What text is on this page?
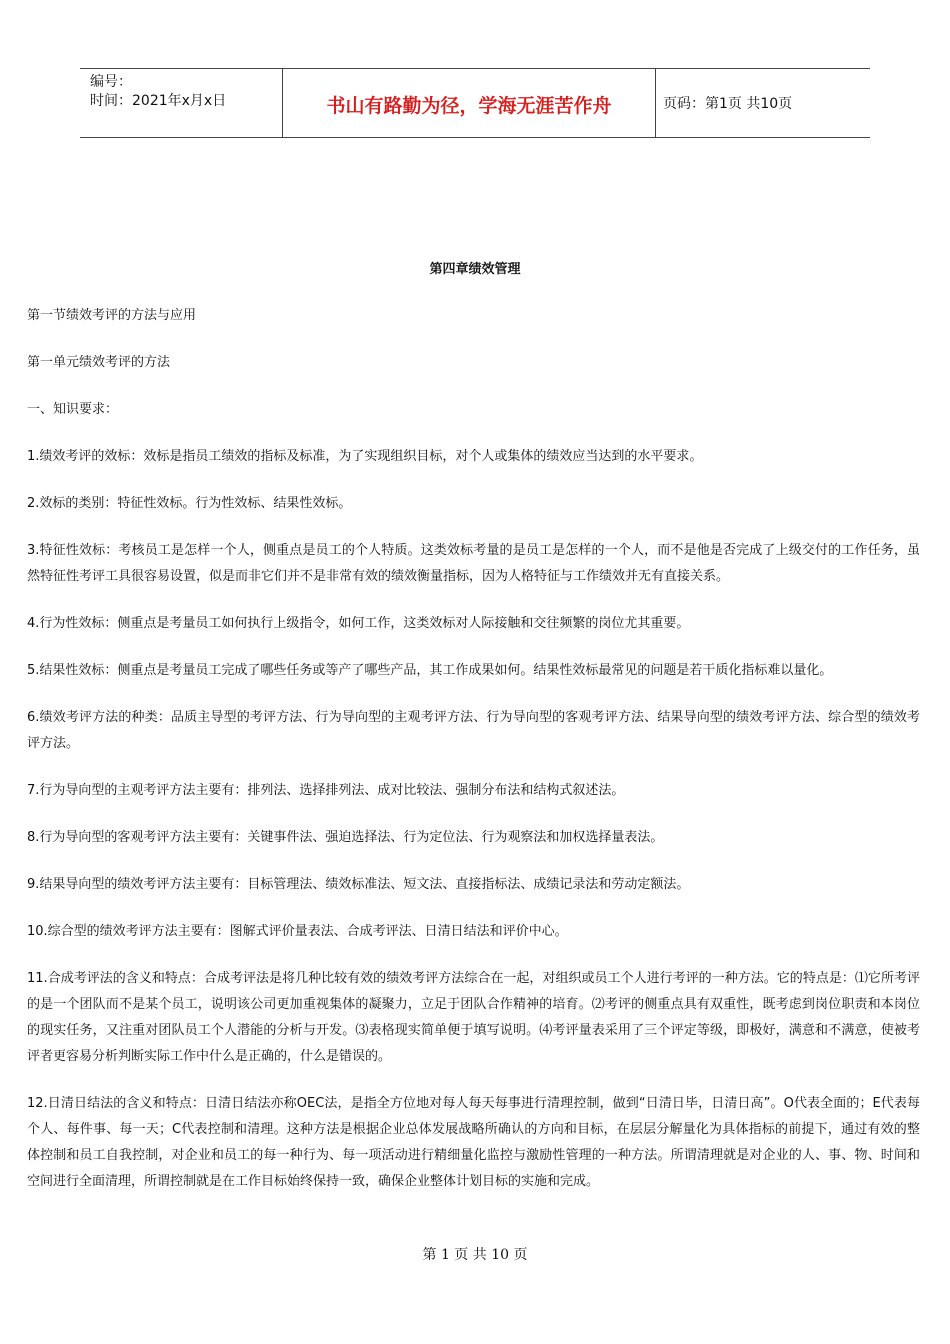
编号：
时间：2021年x月x日	书山有路勤为径，学海无涯苦作舟	页码：第1页 共10页
第四章绩效管理

第一节绩效考评的方法与应用

第一单元绩效考评的方法

一、知识要求：

1.绩效考评的效标：效标是指员工绩效的指标及标准，为了实现组织目标，对个人或集体的绩效应当达到的水平要求。

2.效标的类别：特征性效标。行为性效标、结果性效标。

3.特征性效标：考核员工是怎样一个人，侧重点是员工的个人特质。这类效标考量的是员工是怎样的一个人，而不是他是否完成了上级交付的工作任务，虽然特征性考评工具很容易设置，似是而非它们并不是非常有效的绩效衡量指标，因为人格特征与工作绩效并无有直接关系。

4.行为性效标：侧重点是考量员工如何执行上级指令，如何工作，这类效标对人际接触和交往频繁的岗位尤其重要。

5.结果性效标：侧重点是考量员工完成了哪些任务或等产了哪些产品，其工作成果如何。结果性效标最常见的问题是若干质化指标难以量化。

6.绩效考评方法的种类：品质主导型的考评方法、行为导向型的主观考评方法、行为导向型的客观考评方法、结果导向型的绩效考评方法、综合型的绩效考评方法。

7.行为导向型的主观考评方法主要有：排列法、选择排列法、成对比较法、强制分布法和结构式叙述法。

8.行为导向型的客观考评方法主要有：关键事件法、强迫选择法、行为定位法、行为观察法和加权选择量表法。

9.结果导向型的绩效考评方法主要有：目标管理法、绩效标准法、短文法、直接指标法、成绩记录法和劳动定额法。

10.综合型的绩效考评方法主要有：图解式评价量表法、合成考评法、日清日结法和评价中心。

11.合成考评法的含义和特点：合成考评法是将几种比较有效的绩效考评方法综合在一起，对组织或员工个人进行考评的一种方法。它的特点是：⑴它所考评的是一个团队而不是某个员工，说明该公司更加重视集体的凝聚力，立足于团队合作精神的培育。⑵考评的侧重点具有双重性，既考虑到岗位职责和本岗位的现实任务，又注重对团队员工个人潜能的分析与开发。⑶表格现实简单便于填写说明。⑷考评量表采用了三个评定等级，即极好，满意和不满意，使被考评者更容易分析判断实际工作中什么是正确的，什么是错误的。

12.日清日结法的含义和特点：日清日结法亦称OEC法，是指全方位地对每人每天每事进行清理控制，做到“日清日毕，日清日高”。O代表全面的；E代表每个人、每件事、每一天；C代表控制和清理。这种方法是根据企业总体发展战略所确认的方向和目标，在层层分解量化为具体指标的前提下，通过有效的整体控制和员工自我控制，对企业和员工的每一种行为、每一项活动进行精细量化监控与激励性管理的一种方法。所谓清理就是对企业的人、事、物、时间和空间进行全面清理，所谓控制就是在工作目标始终保持一致，确保企业整体计划目标的实施和完成。

第 1 页 共 10 页
